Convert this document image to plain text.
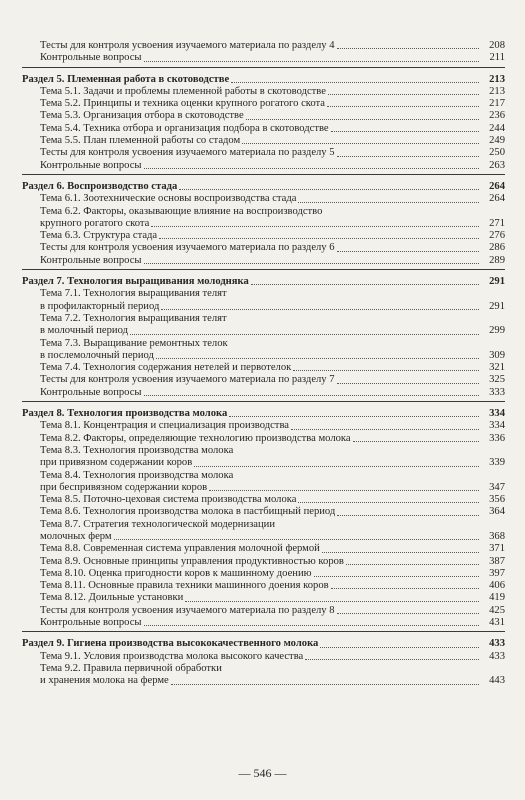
Тесты для контроля усвоения изучаемого материала по разделу 4	208
Контрольные вопросы	211
Раздел 5. Племенная работа в скотоводстве	213
Тема 5.1. Задачи и проблемы племенной работы в скотоводстве	213
Тема 5.2. Принципы и техника оценки крупного рогатого скота	217
Тема 5.3. Организация отбора в скотоводстве	236
Тема 5.4. Техника отбора и организация подбора в скотоводстве	244
Тема 5.5. План племенной работы со стадом	249
Тесты для контроля усвоения изучаемого материала по разделу 5	250
Контрольные вопросы	263
Раздел 6. Воспроизводство стада	264
Тема 6.1. Зоотехнические основы воспроизводства стада	264
Тема 6.2. Факторы, оказывающие влияние на воспроизводство
крупного рогатого скота	271
Тема 6.3. Структура стада	276
Тесты для контроля усвоения изучаемого материала по разделу 6	286
Контрольные вопросы	289
Раздел 7. Технология выращивания молодняка	291
Тема 7.1. Технология выращивания телят
в профилакторный период	291
Тема 7.2. Технология выращивания телят
в молочный период	299
Тема 7.3. Выращивание ремонтных телок
в послемолочный период	309
Тема 7.4. Технология содержания нетелей и первотелок	321
Тесты для контроля усвоения изучаемого материала по разделу 7	325
Контрольные вопросы	333
Раздел 8. Технология производства молока	334
Тема 8.1. Концентрация и специализация производства	334
Тема 8.2. Факторы, определяющие технологию производства молока	336
Тема 8.3. Технология производства молока
при привязном содержании коров	339
Тема 8.4. Технология производства молока
при беспривязном содержании коров	347
Тема 8.5. Поточно-цеховая система производства молока	356
Тема 8.6. Технология производства молока в пастбищный период	364
Тема 8.7. Стратегия технологической модернизации
молочных ферм	368
Тема 8.8. Современная система управления молочной фермой	371
Тема 8.9. Основные принципы управления продуктивностью коров	387
Тема 8.10. Оценка пригодности коров к машинному доению	397
Тема 8.11. Основные правила техники машинного доения коров	406
Тема 8.12. Доильные установки	419
Тесты для контроля усвоения изучаемого материала по разделу 8	425
Контрольные вопросы	431
Раздел 9. Гигиена производства высококачественного молока	433
Тема 9.1. Условия производства молока высокого качества	433
Тема 9.2. Правила первичной обработки
и хранения молока на ферме	443
— 546 —
